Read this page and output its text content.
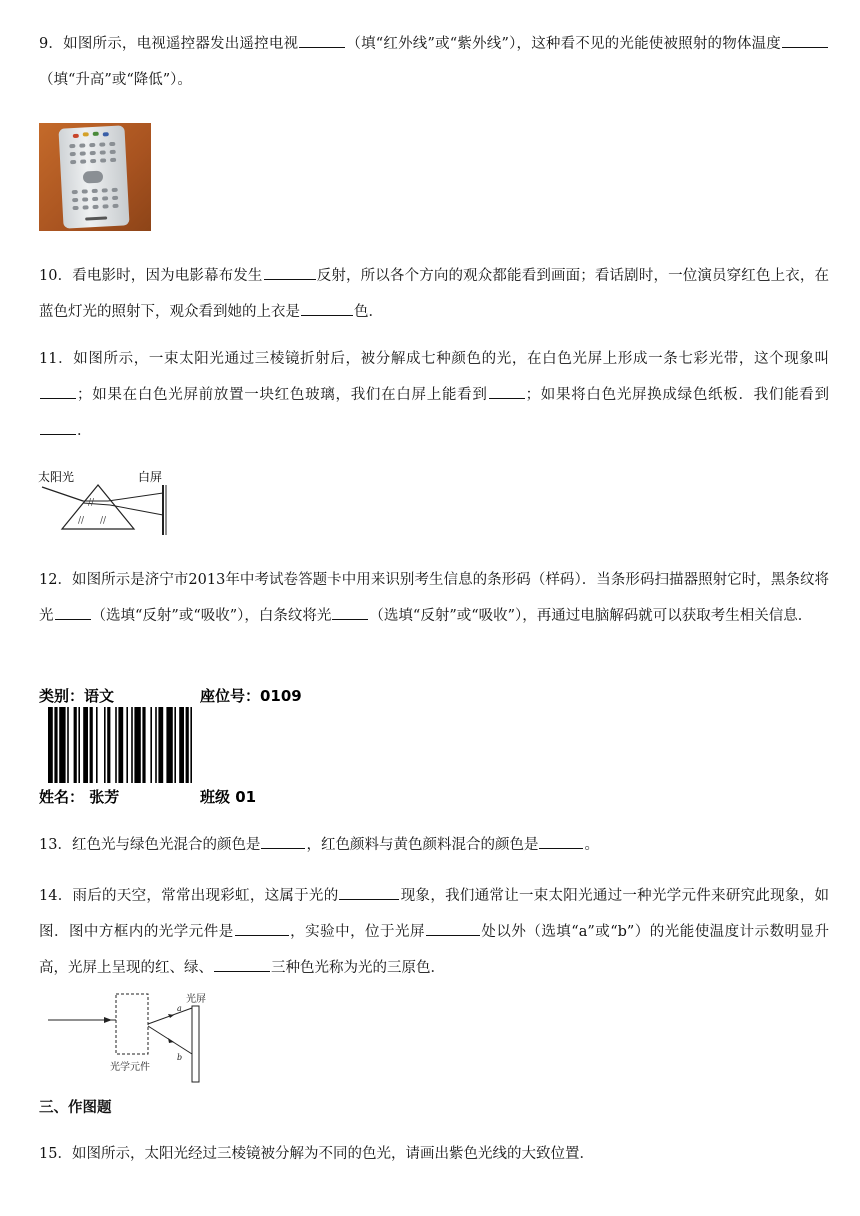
9．如图所示，电视遥控器发出遥控电视	（填“红外线”或“紫外线”），这种看不见的光能使被照射的物体温度（填“升高”或“降低”）。

10．看电影时，因为电影幕布发生	反射，所以各个方向的观众都能看到画面；看话剧时，一位演员穿红色上衣，在蓝色灯光的照射下，观众看到她的上衣是	色．

11．如图所示，一束太阳光通过三棱镜折射后，被分解成七种颜色的光，在白色光屏上形成一条七彩光带，这个现象叫；如果在白色光屏前放置一块红色玻璃，我们在白屏上能看到	；如果将白色光屏换成绿色纸板．我们能看到．

太阳光	白屏
// //
//

12．如图所示是济宁市2013年中考试卷答题卡中用来识别考生信息的条形码（样码）．当条形码扫描器照射它时，黑条纹将光	（选填“反射”或“吸收”），白条纹将光	（选填“反射”或“吸收”），再通过电脑解码就可以获取考生相关信息．

类别：语文	座位号：0109
姓名： 张芳	班级 01

13．红色光与绿色光混合的颜色是	，红色颜料与黄色颜料混合的颜色是	。

14．雨后的天空，常常出现彩虹，这属于光的	现象，我们通常让一束太阳光通过一种光学元件来研究此现象，如图．图中方框内的光学元件是	，实验中，位于光屏	处以外（选填“a”或“b”）的光能使温度计示数明显升高，光屏上呈现的红、绿、	三种色光称为光的三原色．

a
b
光屏
光学元件

三、作图题

15．如图所示，太阳光经过三棱镜被分解为不同的色光，请画出紫色光线的大致位置．
